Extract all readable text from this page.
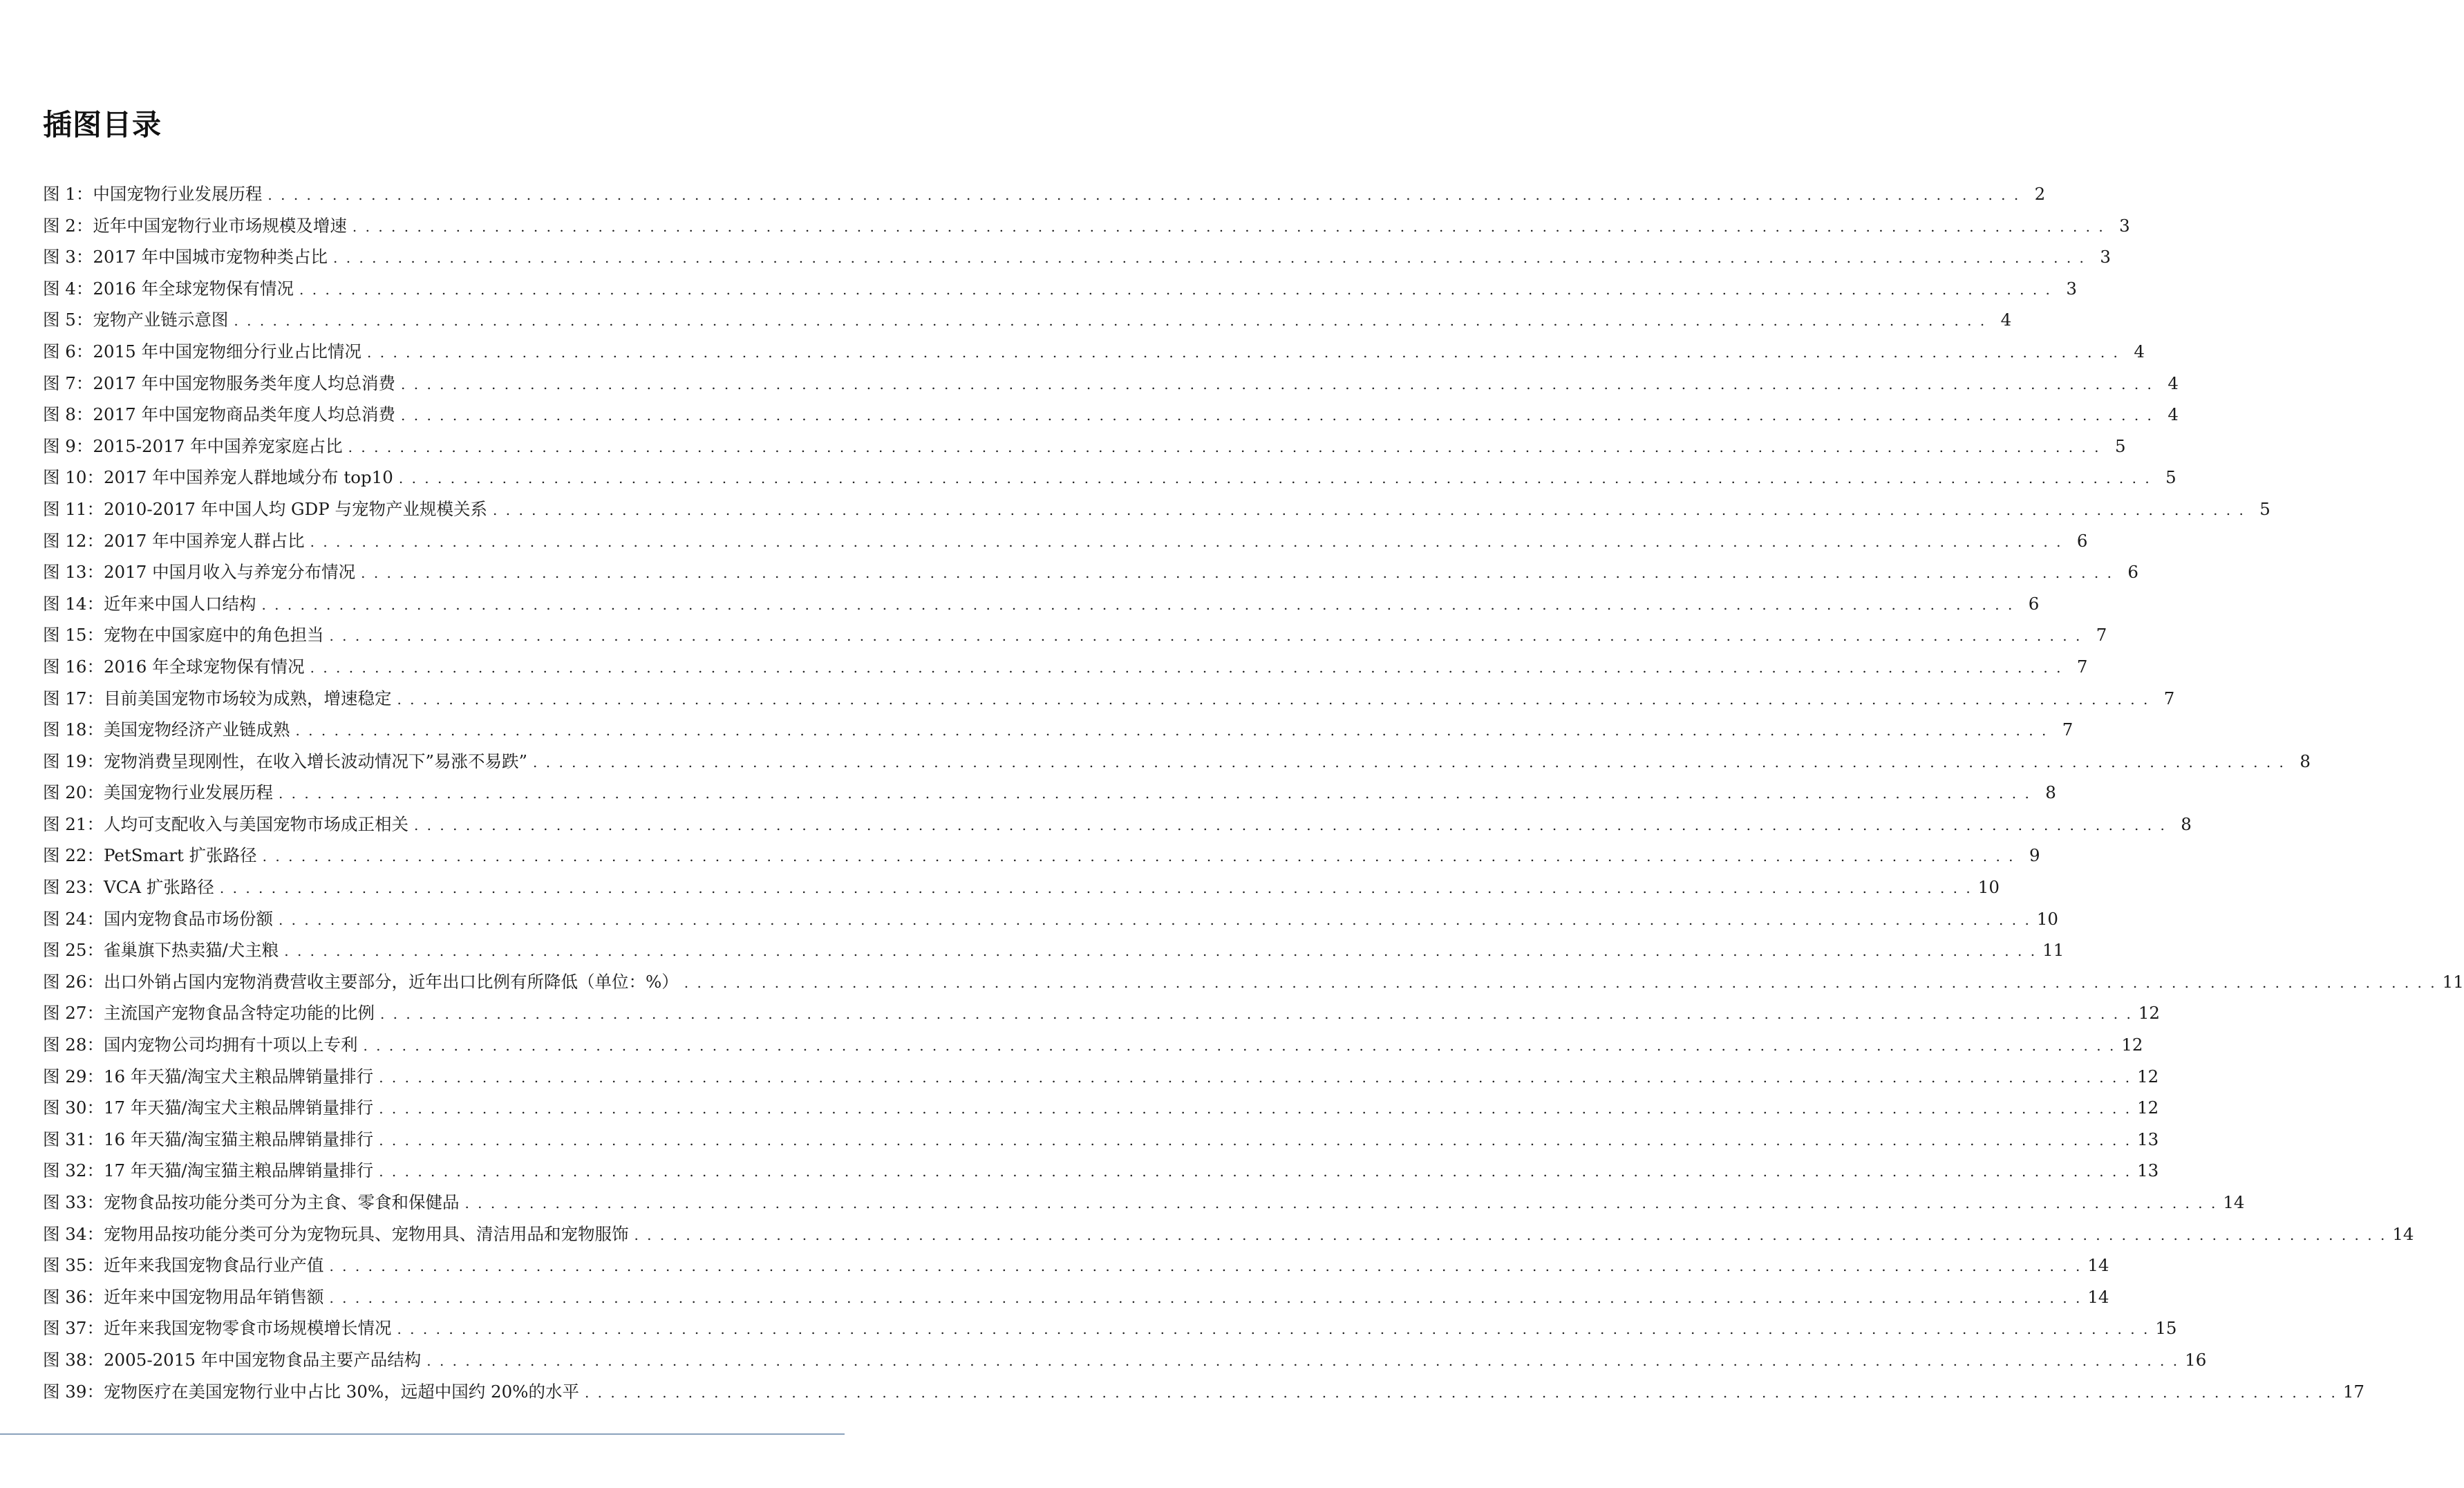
插图目录
图 1： 中国宠物行业发展历程 . . .	2
图 2： 近年中国宠物行业市场规模及增速 . . .	3
图 3： 2017 年中国城市宠物种类占比 . . .	3
图 4： 2016 年全球宠物保有情况 . . .	3
图 5： 宠物产业链示意图 . . .	4
图 6： 2015 年中国宠物细分行业占比情况 . . .	4
图 7： 2017 年中国宠物服务类年度人均总消费 . . .	4
图 8： 2017 年中国宠物商品类年度人均总消费 . . .	4
图 9： 2015-2017 年中国养宠家庭占比 . . .	5
图 10： 2017 年中国养宠人群地域分布 top10 . . .	5
图 11： 2010-2017 年中国人均 GDP 与宠物产业规模关系 . . .	5
图 12： 2017 年中国养宠人群占比 . . .	6
图 13： 2017 中国月收入与养宠分布情况 . . .	6
图 14： 近年来中国人口结构 . . .	6
图 15： 宠物在中国家庭中的角色担当 . . .	7
图 16： 2016 年全球宠物保有情况 . . .	7
图 17： 目前美国宠物市场较为成熟，增速稳定 . . .	7
图 18： 美国宠物经济产业链成熟 . . .	7
图 19： 宠物消费呈现刚性，在收入增长波动情况下”易涨不易跌” . . .	8
图 20： 美国宠物行业发展历程 . . .	8
图 21： 人均可支配收入与美国宠物市场成正相关 . . .	8
图 22： PetSmart 扩张路径 . . .	9
图 23： VCA 扩张路径 . . .	10
图 24： 国内宠物食品市场份额 . . .	10
图 25： 雀巢旗下热卖猫/犬主粮 . . .	11
图 26： 出口外销占国内宠物消费营收主要部分，近年出口比例有所降低（单位：%） . . .	11
图 27： 主流国产宠物食品含特定功能的比例 . . .	12
图 28： 国内宠物公司均拥有十项以上专利 . . .	12
图 29： 16 年天猫/淘宝犬主粮品牌销量排行 . . .	12
图 30： 17 年天猫/淘宝犬主粮品牌销量排行 . . .	12
图 31： 16 年天猫/淘宝猫主粮品牌销量排行 . . .	13
图 32： 17 年天猫/淘宝猫主粮品牌销量排行 . . .	13
图 33： 宠物食品按功能分类可分为主食、零食和保健品 . . .	14
图 34： 宠物用品按功能分类可分为宠物玩具、宠物用具、清洁用品和宠物服饰 . . .	14
图 35： 近年来我国宠物食品行业产值 . . .	14
图 36： 近年来中国宠物用品年销售额 . . .	14
图 37： 近年来我国宠物零食市场规模增长情况 . . .	15
图 38： 2005-2015 年中国宠物食品主要产品结构 . . .	16
图 39： 宠物医疗在美国宠物行业中占比 30%，远超中国约 20%的水平 . . .	17
